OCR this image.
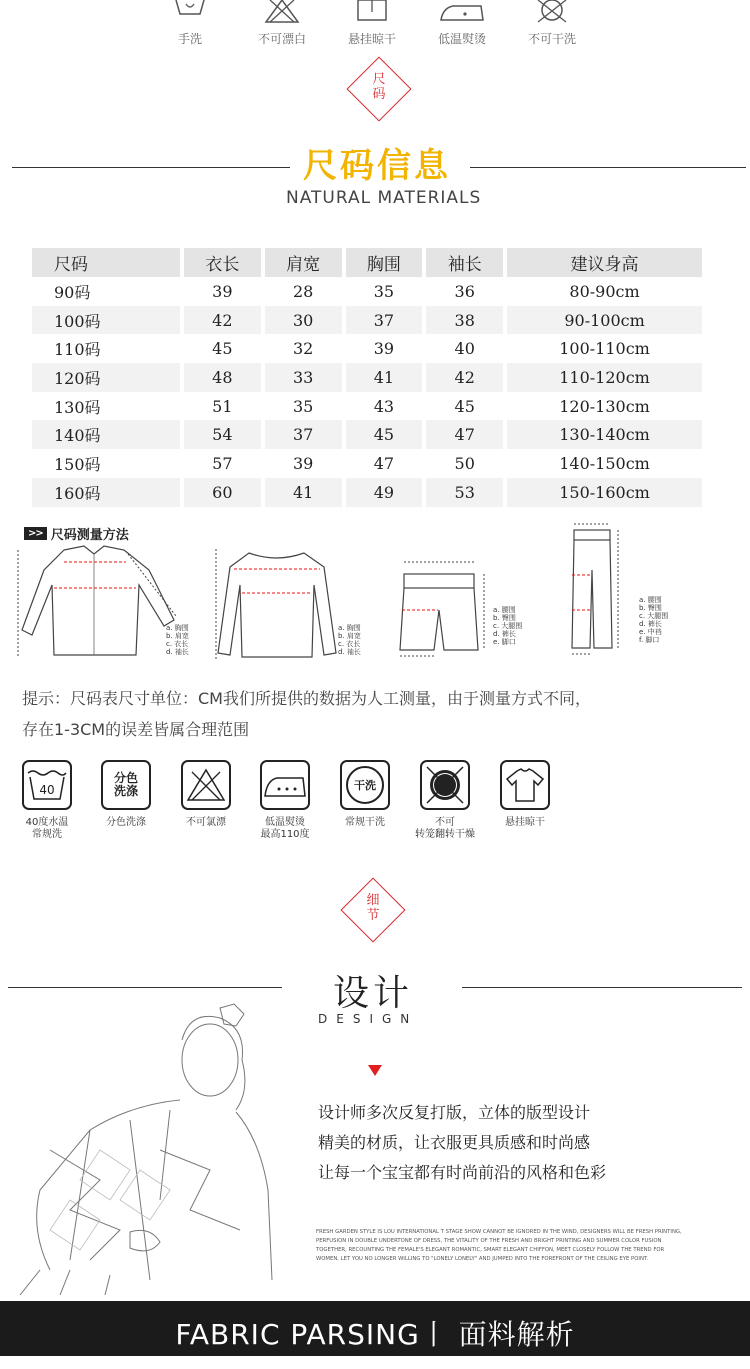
手洗	不可漂白	悬挂晾干	低温熨烫	不可干洗
尺
码
尺码信息
NATURAL MATERIALS
尺码	衣长	肩宽	胸围	袖长	建议身高
90码	39	28	35	36	80-90cm
100码	42	30	37	38	90-100cm
110码	45	32	39	40	100-110cm
120码	48	33	41	42	110-120cm
130码	51	35	43	45	120-130cm
140码	54	37	45	47	130-140cm
150码	57	39	47	50	140-150cm
160码	60	41	49	53	150-160cm
>> 尺码测量方法
a. 胸围
b. 肩宽
c. 衣长
d. 袖长
a. 胸围
b. 肩宽
c. 衣长
d. 袖长
a. 腰围
b. 臀围
c. 大腿围
d. 裤长
e. 脚口
a. 腰围
b. 臀围
c. 大腿围
d. 裤长
e. 中裆
f. 脚口
提示：尺码表尺寸单位：CM我们所提供的数据为人工测量，由于测量方式不同，
存在1-3CM的误差皆属合理范围
40
40度水温
常规洗
分色
洗涤
分色洗涤	不可氯漂	低温熨烫
最高110度
干洗
常规干洗	不可
转笼翻转干燥
悬挂晾干
细
节
设计
DESIGN
设计师多次反复打版，立体的版型设计
精美的材质，让衣服更具质感和时尚感
让每一个宝宝都有时尚前沿的风格和色彩
FRESH GARDEN STYLE IS LOU INTERNATIONAL T STAGE SHOW CANNOT BE IGNORED IN THE WIND, DESIGNERS WILL BE FRESH PRINTING, PERFUSION IN DOUBLE UNDERTONE OF DRESS, THE VITALITY OF THE FRESH AND BRIGHT PRINTING AND SUMMER COLOR FUSION TOGETHER, RECOUNTING THE FEMALE'S ELEGANT ROMANTIC, SMART ELEGANT CHIFFON, MEET CLOSELY FOLLOW THE TREND FOR WOMEN, LET YOU NO LONGER WILLING TO "LONELY LONELY" AND JUMPED INTO THE FOREFRONT OF THE CEILING EYE POINT.
FABRIC PARSING丨 面料解析
